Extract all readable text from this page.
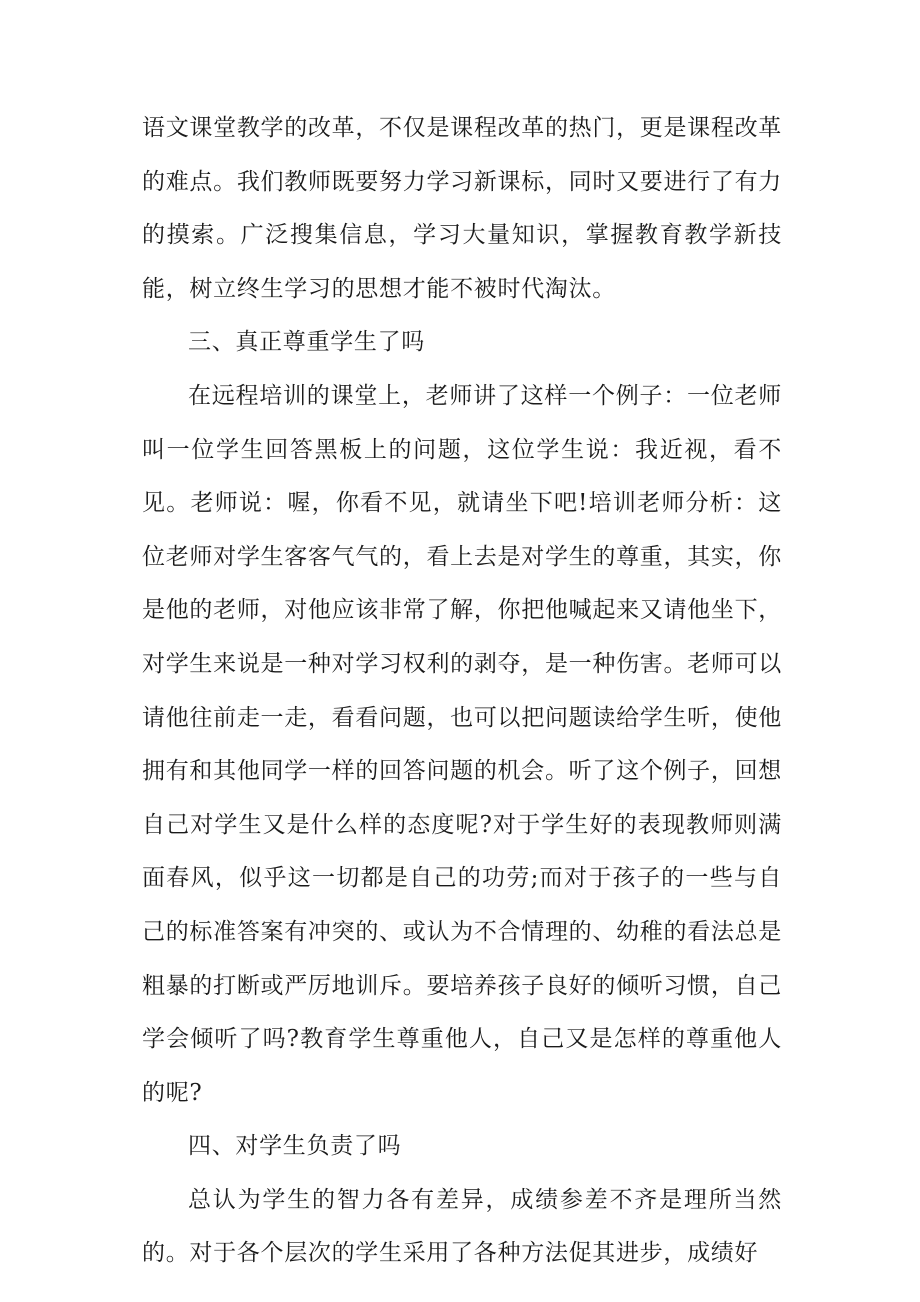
语文课堂教学的改革，不仅是课程改革的热门，更是课程改革的难点。我们教师既要努力学习新课标，同时又要进行了有力的摸索。广泛搜集信息，学习大量知识，掌握教育教学新技能，树立终生学习的思想才能不被时代淘汰。

三、真正尊重学生了吗

在远程培训的课堂上，老师讲了这样一个例子：一位老师叫一位学生回答黑板上的问题，这位学生说：我近视，看不见。老师说：喔，你看不见，就请坐下吧!培训老师分析：这位老师对学生客客气气的，看上去是对学生的尊重，其实，你是他的老师，对他应该非常了解，你把他喊起来又请他坐下，对学生来说是一种对学习权利的剥夺，是一种伤害。老师可以请他往前走一走，看看问题，也可以把问题读给学生听，使他拥有和其他同学一样的回答问题的机会。听了这个例子，回想自己对学生又是什么样的态度呢?对于学生好的表现教师则满面春风，似乎这一切都是自己的功劳;而对于孩子的一些与自己的标准答案有冲突的、或认为不合情理的、幼稚的看法总是粗暴的打断或严厉地训斥。要培养孩子良好的倾听习惯，自己学会倾听了吗?教育学生尊重他人，自己又是怎样的尊重他人的呢?

四、对学生负责了吗

总认为学生的智力各有差异，成绩参差不齐是理所当然的。对于各个层次的学生采用了各种方法促其进步，成绩好
